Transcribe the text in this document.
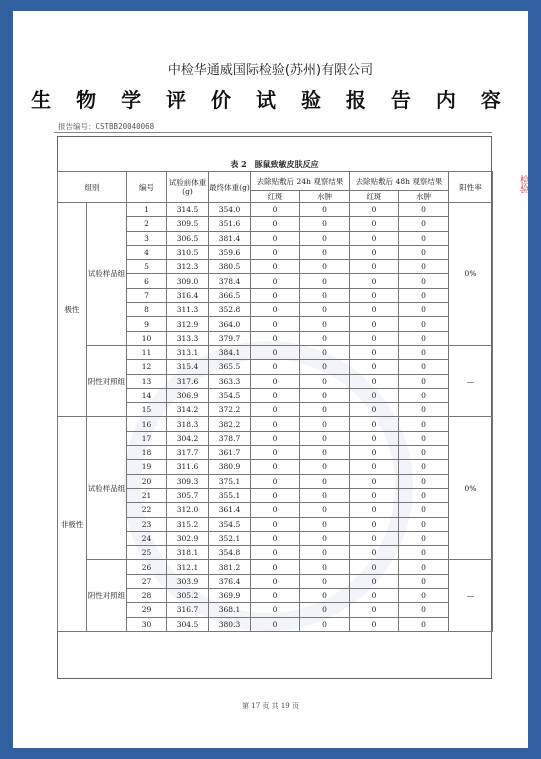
检验
中检华通威国际检验(苏州)有限公司
生 物 学 评 价 试 验 报 告 内 容
报告编号：CSTBB20040068
表 2　豚鼠致敏皮肤反应
组别		编号	试验前体重(g)	最终体重(g)	去除贴敷后 24h 观察结果		去除贴敷后 48h 观察结果		阳性率
					红斑	水肿	红斑	水肿	
极性	试验样品组	1	314.5	354.0	0	0	0	0	0%
		2	309.5	351.6	0	0	0	0	
		3	306.5	381.4	0	0	0	0	
		4	310.5	359.6	0	0	0	0	
		5	312.3	380.5	0	0	0	0	
		6	309.0	378.4	0	0	0	0	
		7	316.4	366.5	0	0	0	0	
		8	311.3	352.8	0	0	0	0	
		9	312.9	364.0	0	0	0	0	
		10	313.3	379.7	0	0	0	0	
	阴性对照组	11	313.1	384.1	0	0	0	0	—
		12	315.4	365.5	0	0	0	0	
		13	317.6	363.3	0	0	0	0	
		14	306.9	354.5	0	0	0	0	
		15	314.2	372.2	0	0	0	0	
非极性	试验样品组	16	318.3	382.2	0	0	0	0	0%
		17	304.2	378.7	0	0	0	0	
		18	317.7	361.7	0	0	0	0	
		19	311.6	380.9	0	0	0	0	
		20	309.3	375.1	0	0	0	0	
		21	305.7	355.1	0	0	0	0	
		22	312.0	361.4	0	0	0	0	
		23	315.2	354.5	0	0	0	0	
		24	302.9	352.1	0	0	0	0	
		25	318.1	354.8	0	0	0	0	
	阴性对照组	26	312.1	381.2	0	0	0	0	—
		27	303.9	376.4	0	0	0	0	
		28	305.2	369.9	0	0	0	0	
		29	316.7	368.1	0	0	0	0	
		30	304.5	380.3	0	0	0	0	
第 17 页 共 19 页
